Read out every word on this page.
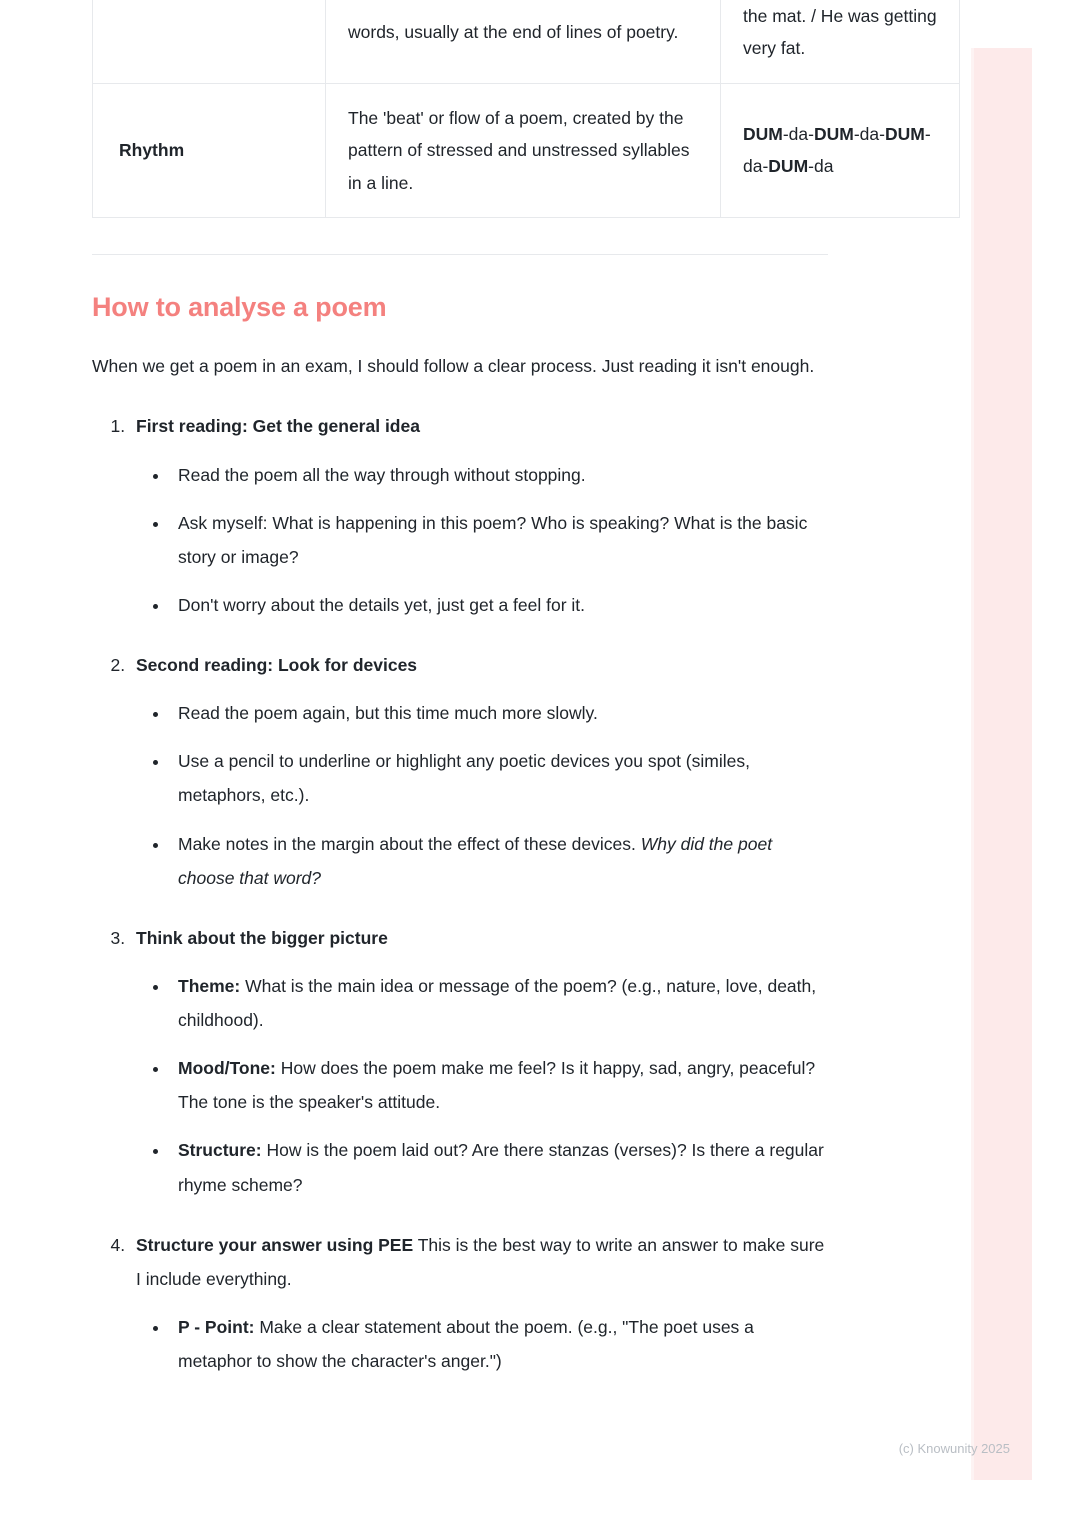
	words, usually at the end of lines of poetry.	the mat. / He was getting very fat.
Rhythm	The 'beat' or flow of a poem, created by the pattern of stressed and unstressed syllables in a line.	DUM-da-DUM-da-DUM-da-DUM-da
How to analyse a poem

When we get a poem in an exam, I should follow a clear process. Just reading it isn't enough.

1. First reading: Get the general idea
• Read the poem all the way through without stopping.
• Ask myself: What is happening in this poem? Who is speaking? What is the basic story or image?
• Don't worry about the details yet, just get a feel for it.
2. Second reading: Look for devices
• Read the poem again, but this time much more slowly.
• Use a pencil to underline or highlight any poetic devices you spot (similes, metaphors, etc.).
• Make notes in the margin about the effect of these devices. Why did the poet choose that word?
3. Think about the bigger picture
• Theme: What is the main idea or message of the poem? (e.g., nature, love, death, childhood).
• Mood/Tone: How does the poem make me feel? Is it happy, sad, angry, peaceful? The tone is the speaker's attitude.
• Structure: How is the poem laid out? Are there stanzas (verses)? Is there a regular rhyme scheme?
4. Structure your answer using PEE This is the best way to write an answer to make sure I include everything.
• P - Point: Make a clear statement about the poem. (e.g., "The poet uses a metaphor to show the character's anger.")
(c) Knowunity 2025
